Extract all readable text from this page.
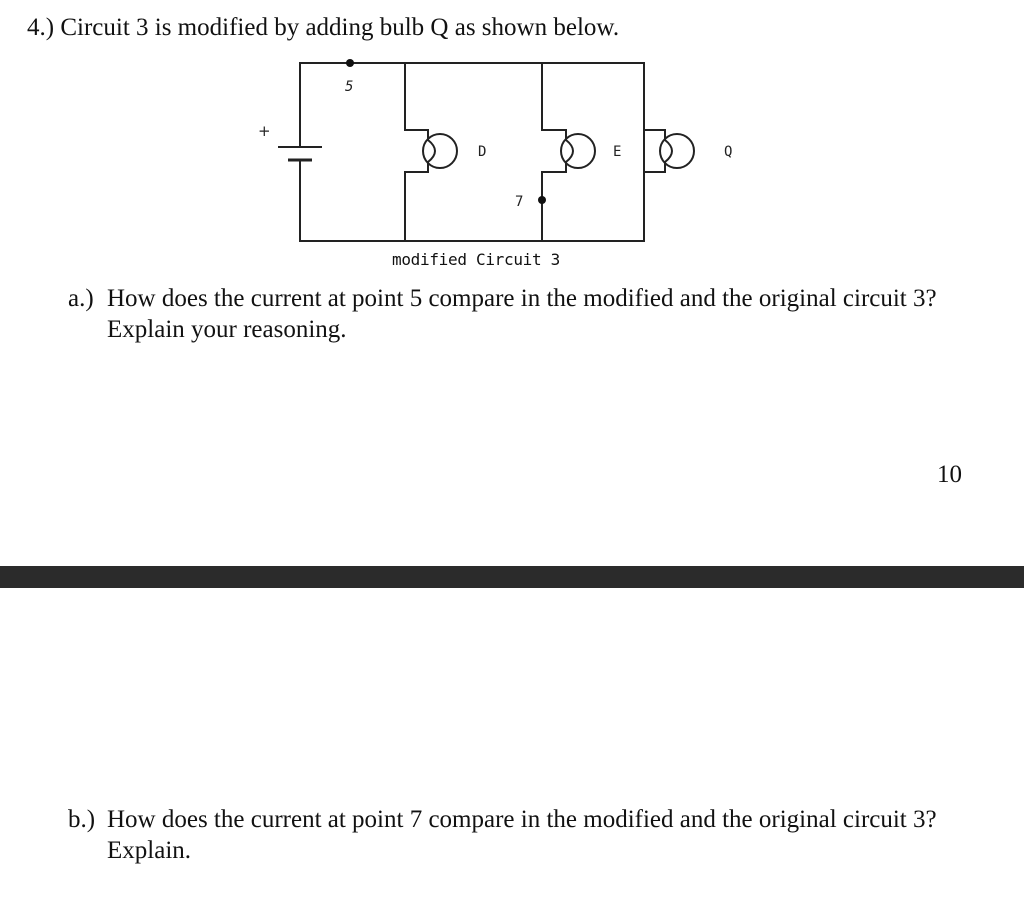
4.) Circuit 3 is modified by adding bulb Q as shown below.
+
D	E	Q
5
7
modified Circuit 3
a.) How does the current at point 5 compare in the modified and the original circuit 3? Explain your reasoning.
10
b.) How does the current at point 7 compare in the modified and the original circuit 3? Explain.
